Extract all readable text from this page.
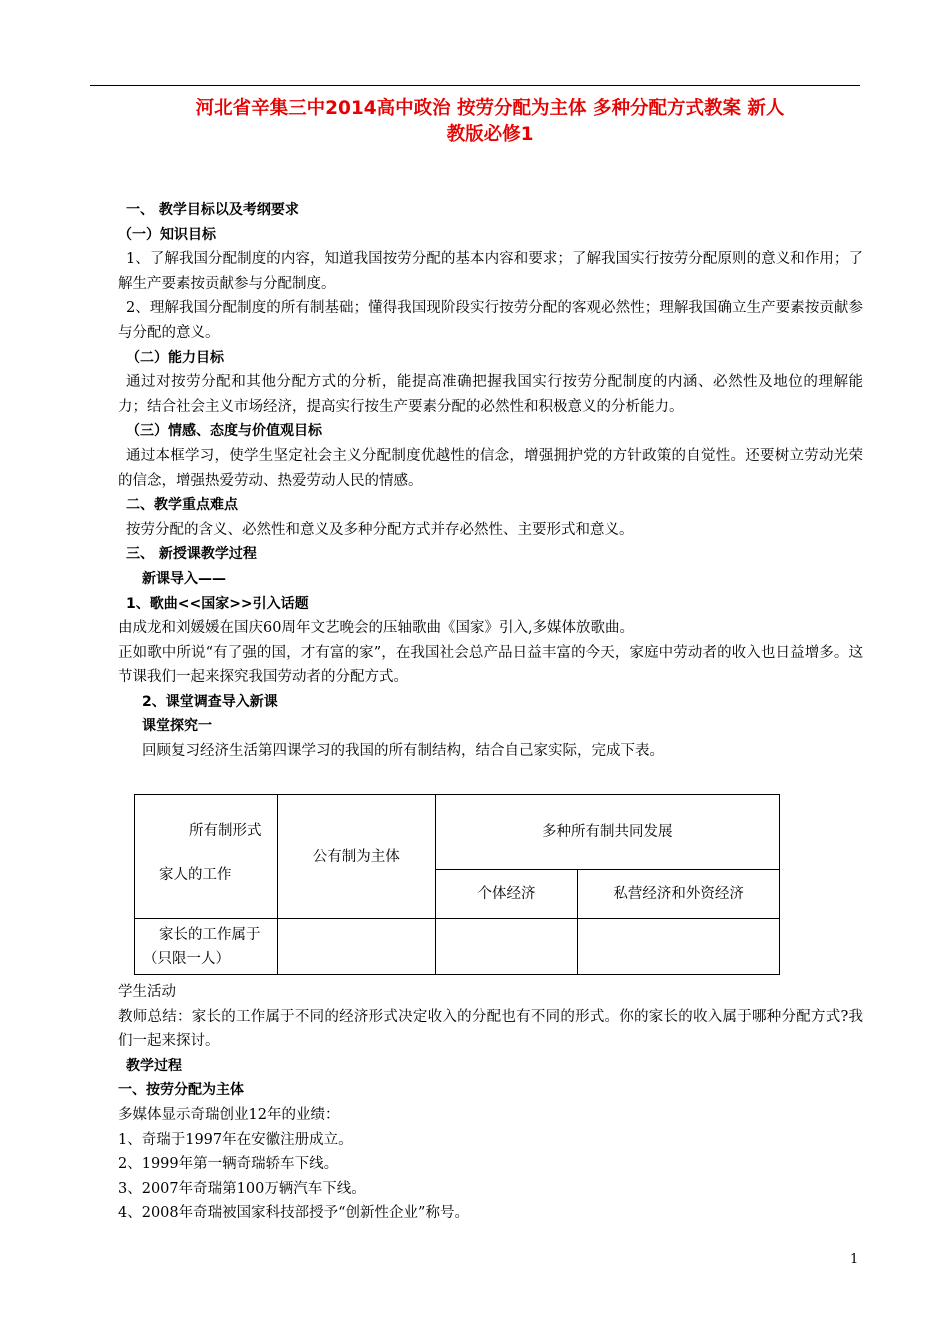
河北省辛集三中2014高中政治 按劳分配为主体 多种分配方式教案 新人
教版必修1

一、 教学目标以及考纲要求

（一）知识目标

1、了解我国分配制度的内容，知道我国按劳分配的基本内容和要求；了解我国实行按劳分配原则的意义和作用；了解生产要素按贡献参与分配制度。

2、理解我国分配制度的所有制基础；懂得我国现阶段实行按劳分配的客观必然性；理解我国确立生产要素按贡献参与分配的意义。

（二）能力目标

通过对按劳分配和其他分配方式的分析，能提高准确把握我国实行按劳分配制度的内涵、必然性及地位的理解能力；结合社会主义市场经济，提高实行按生产要素分配的必然性和积极意义的分析能力。

（三）情感、态度与价值观目标

通过本框学习，使学生坚定社会主义分配制度优越性的信念，增强拥护党的方针政策的自觉性。还要树立劳动光荣的信念，增强热爱劳动、热爱劳动人民的情感。

二、教学重点难点

按劳分配的含义、必然性和意义及多种分配方式并存必然性、主要形式和意义。

三、 新授课教学过程

新课导入——

1、歌曲<<国家>>引入话题

由成龙和刘媛媛在国庆60周年文艺晚会的压轴歌曲《国家》引入,多媒体放歌曲。

正如歌中所说“有了强的国，才有富的家”，在我国社会总产品日益丰富的今天，家庭中劳动者的收入也日益增多。这节课我们一起来探究我国劳动者的分配方式。

2、课堂调查导入新课

课堂探究一

回顾复习经济生活第四课学习的我国的所有制结构，结合自己家实际，完成下表。

所有制形式
家人的工作	公有制为主体	多种所有制共同发展	
		个体经济	私营经济和外资经济

家长的工作属于（只限一人）			

学生活动

教师总结：家长的工作属于不同的经济形式决定收入的分配也有不同的形式。你的家长的收入属于哪种分配方式?我们一起来探讨。

教学过程

一、按劳分配为主体

多媒体显示奇瑞创业12年的业绩：

1、奇瑞于1997年在安徽注册成立。

2、1999年第一辆奇瑞轿车下线。

3、2007年奇瑞第100万辆汽车下线。

4、2008年奇瑞被国家科技部授予“创新性企业”称号。

1
